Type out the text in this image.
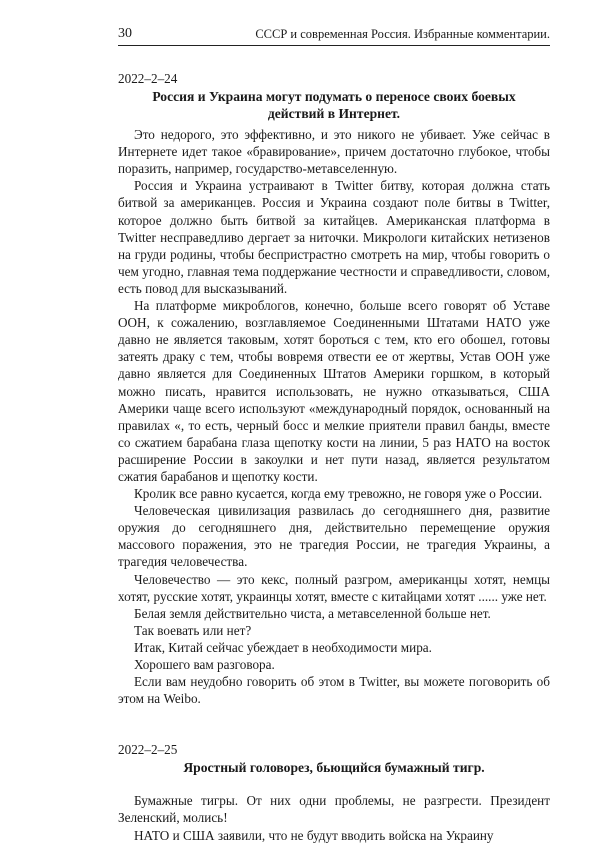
30	СССР и современная Россия. Избранные комментарии.
2022–2–24
Россия и Украина могут подумать о переносе своих боевых
действий в Интернет.

Это недорого, это эффективно, и это никого не убивает. Уже сейчас в Интернете идет такое «бравирование», причем достаточно глубокое, чтобы поразить, например, государство-метавселенную.

Россия и Украина устраивают в Twitter битву, которая должна стать битвой за американцев. Россия и Украина создают поле битвы в Twitter, которое должно быть битвой за китайцев. Американская платформа в Twitter несправедливо дергает за ниточки. Микрологи китайских нетизенов на груди родины, чтобы беспристрастно смотреть на мир, чтобы говорить о чем угодно, главная тема поддержание честности и справедливости, словом, есть повод для высказываний.

На платформе микроблогов, конечно, больше всего говорят об Уставе ООН, к сожалению, возглавляемое Соединенными Штатами НАТО уже давно не является таковым, хотят бороться с тем, кто его обошел, готовы затеять драку с тем, чтобы вовремя отвести ее от жертвы, Устав ООН уже давно является для Соединенных Штатов Америки горшком, в который можно писать, нравится использовать, не нужно отказываться, США Америки чаще всего используют «международный порядок, основанный на правилах «, то есть, черный босс и мелкие приятели правил банды, вместе со сжатием барабана глаза щепотку кости на линии, 5 раз НАТО на восток расширение России в закоулки и нет пути назад, является результатом сжатия барабанов и щепотку кости.

Кролик все равно кусается, когда ему тревожно, не говоря уже о России.

Человеческая цивилизация развилась до сегодняшнего дня, развитие оружия до сегодняшнего дня, действительно перемещение оружия массового поражения, это не трагедия России, не трагедия Украины, а трагедия человечества.

Человечество — это кекс, полный разгром, американцы хотят, немцы хотят, русские хотят, украинцы хотят, вместе с китайцами хотят ...... уже нет.

Белая земля действительно чиста, а метавселенной больше нет.

Так воевать или нет?

Итак, Китай сейчас убеждает в необходимости мира.

Хорошего вам разговора.

Если вам неудобно говорить об этом в Twitter, вы можете поговорить об этом на Weibo.

2022–2–25
Яростный головорез, бьющийся бумажный тигр.

Бумажные тигры. От них одни проблемы, не разгрести. Президент Зеленский, молись!

НАТО и США заявили, что не будут вводить войска на Украину
